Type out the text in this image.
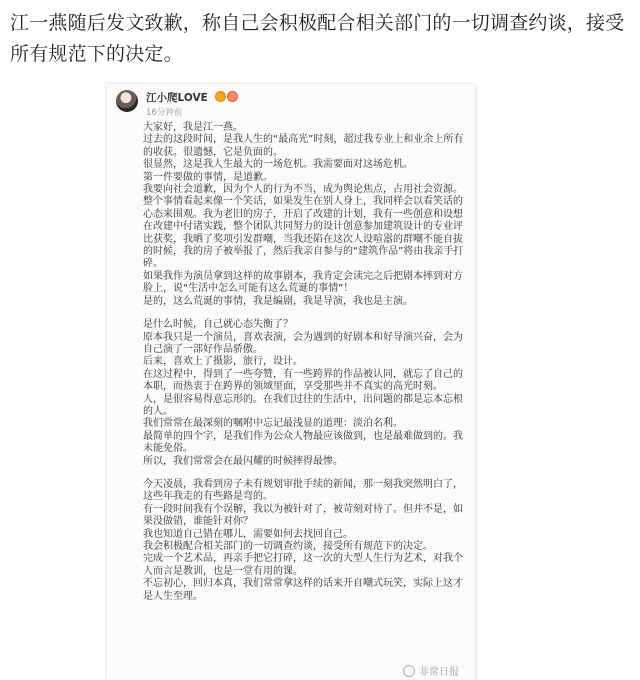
江一燕随后发文致歉，称自己会积极配合相关部门的一切调查约谈，接受所有规范下的决定。
江小爬LOVE
16分钟前

大家好，我是江一燕。

过去的这段时间，是我人生的“最高光”时刻，超过我专业上和业余上所有的收获。很遗憾，它是负面的。

很显然，这是我人生最大的一场危机。我需要面对这场危机。

第一件要做的事情，是道歉。

我要向社会道歉，因为个人的行为不当，成为舆论焦点，占用社会资源。

整个事情看起来像一个笑话，如果发生在别人身上，我同样会以看笑话的心态来围观。我为老旧的房子，开启了改建的计划，我有一些创意和设想在改建中付诸实践，整个团队共同努力的设计创意参加建筑设计的专业评比获奖，我晒了奖项引发群嘲，当我还陷在这次人设喧嚣的群嘲不能自拔的时候，我的房子被举报了，然后我亲自参与的“建筑作品”将由我亲手打碎。

如果我作为演员拿到这样的故事剧本，我肯定会读完之后把剧本摔到对方脸上，说“生活中怎么可能有这么荒诞的事情”！

是的，这么荒诞的事情，我是编剧，我是导演，我也是主演。

是什么时候，自己就心态失衡了？

原本我只是一个演员，喜欢表演，会为遇到的好剧本和好导演兴奋，会为自己演了一部好作品骄傲。

后来，喜欢上了摄影，旅行，设计。

在这过程中，得到了一些夸赞，有一些跨界的作品被认同，就忘了自己的本职，而热衷于在跨界的领域里面，享受那些并不真实的高光时刻。

人，是很容易得意忘形的。在我们过往的生活中，出问题的都是忘本忘根的人。

我们常常在最深刻的嘱咐中忘记最浅显的道理：淡泊名利。

最简单的四个字，是我们作为公众人物最应该做到，也是最难做到的。我未能免俗。

所以，我们常常会在最闪耀的时候摔得最惨。

今天凌晨，我看到房子未有规划审批手续的新闻，那一刻我突然明白了，这些年我走的有些路是弯的。

有一段时间我有个误解，我以为被针对了，被苛刻对待了。但并不是，如果没做错，谁能针对你？

我也知道自己错在哪儿，需要如何去找回自己。

我会积极配合相关部门的一切调查约谈，接受所有规范下的决定。

完成一个艺术品，再亲手把它打碎，这一次的大型人生行为艺术，对我个人而言是教训，也是一堂有用的课。

不忘初心，回归本真，我们常常拿这样的话来开自嘲式玩笑，实际上这才是人生至理。

非常日报
